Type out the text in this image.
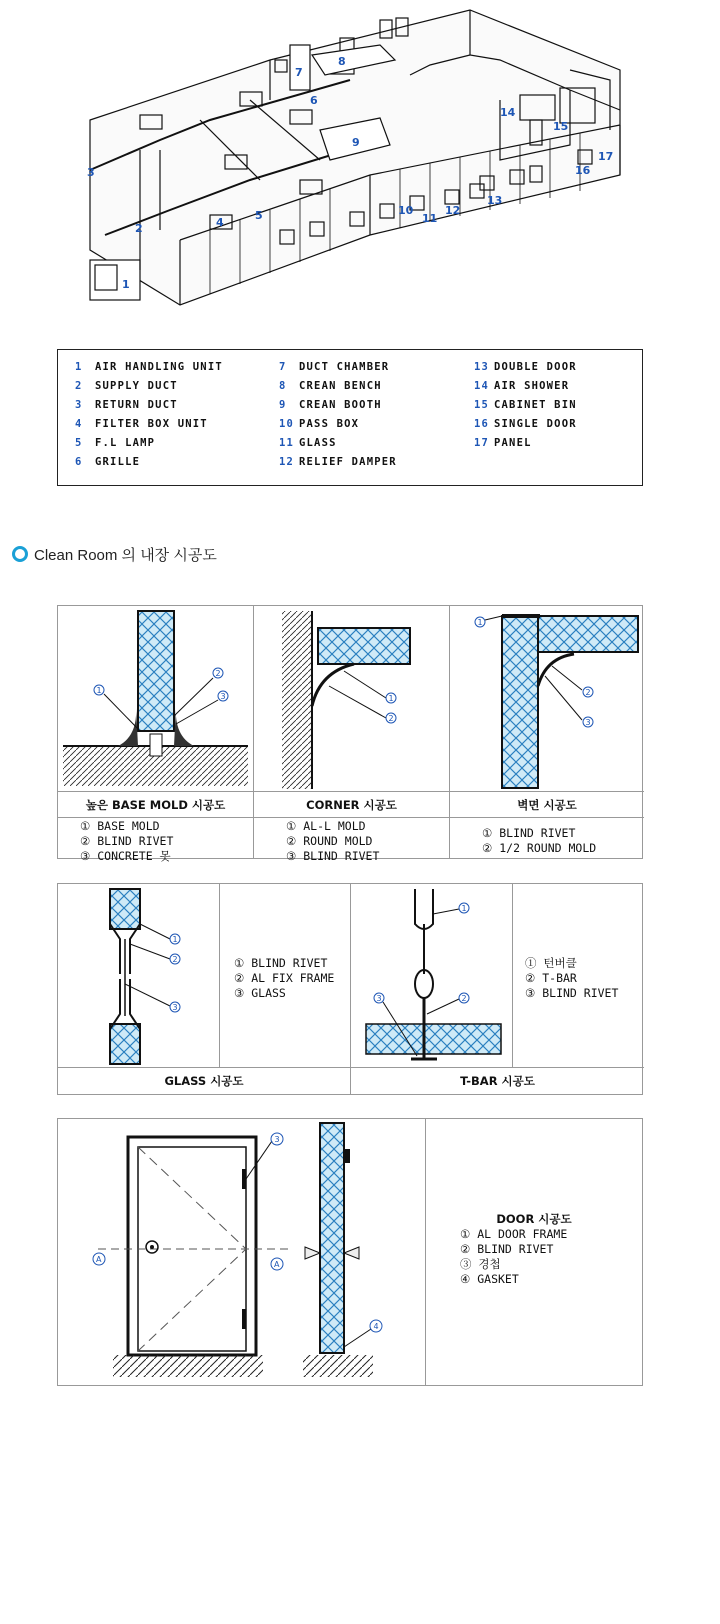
1
2
3
4
5
6
7
8
9
10
11
12
13
14
15
16
17
1 AIR HANDLING UNIT
2 SUPPLY DUCT
3 RETURN DUCT
4 FILTER BOX UNIT
5 F.L LAMP
6 GRILLE
7 DUCT CHAMBER
8 CREAN BENCH
9 CREAN BOOTH
10 PASS BOX
11 GLASS
12 RELIEF DAMPER
13 DOUBLE DOOR
14 AIR SHOWER
15 CABINET BIN
16 SINGLE DOOR
17 PANEL
Clean Room 의 내장 시공도
1
2
3	1
2
1
2
3
높은 BASE MOLD 시공도	CORNER 시공도	벽면 시공도
① BASE MOLD
② BLIND RIVET
③ CONCRETE 못
① AL-L MOLD
② ROUND MOLD
③ BLIND RIVET
① BLIND RIVET
② 1/2 ROUND MOLD
1
2
3
① BLIND RIVET
② AL FIX FRAME
③ GLASS
1
2
3
① 턴버클
② T-BAR
③ BLIND RIVET
GLASS 시공도	T-BAR 시공도
A
A
3
4
DOOR 시공도
① AL DOOR FRAME
② BLIND RIVET
③ 경첩
④ GASKET
